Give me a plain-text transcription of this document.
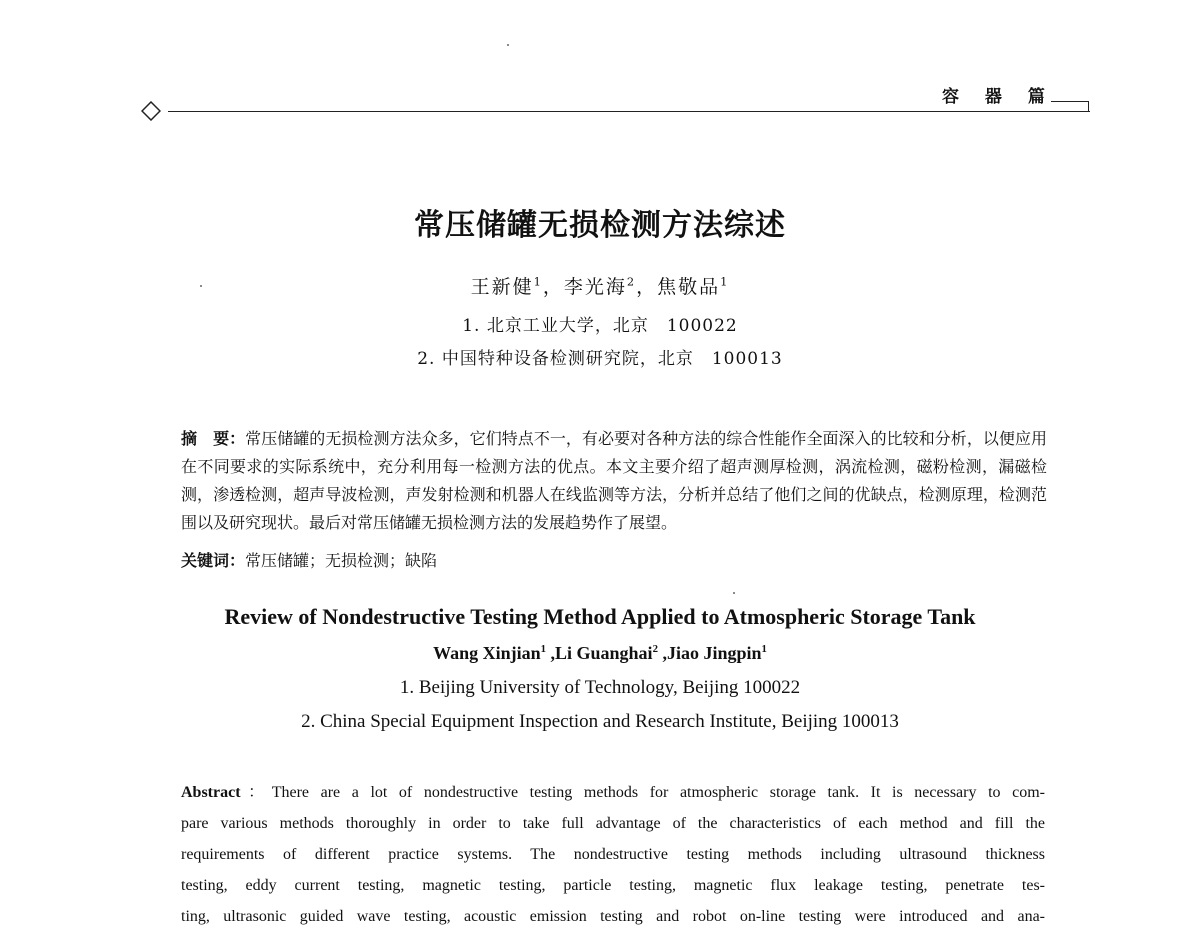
容 器 篇
常压储罐无损检测方法综述
王新健$^1$，李光海$^2$，焦敬品$^1$
1. 北京工业大学，北京　100022
2. 中国特种设备检测研究院，北京　100013
摘　要：常压储罐的无损检测方法众多，它们特点不一，有必要对各种方法的综合性能作全面深入的比较和分析，以便应用在不同要求的实际系统中，充分利用每一检测方法的优点。本文主要介绍了超声测厚检测，涡流检测，磁粉检测，漏磁检测，渗透检测，超声导波检测，声发射检测和机器人在线监测等方法，分析并总结了他们之间的优缺点，检测原理，检测范围以及研究现状。最后对常压储罐无损检测方法的发展趋势作了展望。
关键词：常压储罐；无损检测；缺陷
Review of Nondestructive Testing Method Applied to Atmospheric Storage Tank
Wang Xinjian$^1$ ,Li Guanghai$^2$ ,Jiao Jingpin$^1$
1. Beijing University of Technology, Beijing 100022
2. China Special Equipment Inspection and Research Institute, Beijing 100013
Abstract：There are a lot of nondestructive testing methods for atmospheric storage tank. It is necessary to com-
pare various methods thoroughly in order to take full advantage of the characteristics of each method and fill the
requirements of different practice systems. The nondestructive testing methods including ultrasound thickness
testing, eddy current testing, magnetic testing, particle testing, magnetic flux leakage testing, penetrate tes-
ting, ultrasonic guided wave testing, acoustic emission testing and robot on-line testing were introduced and ana-
